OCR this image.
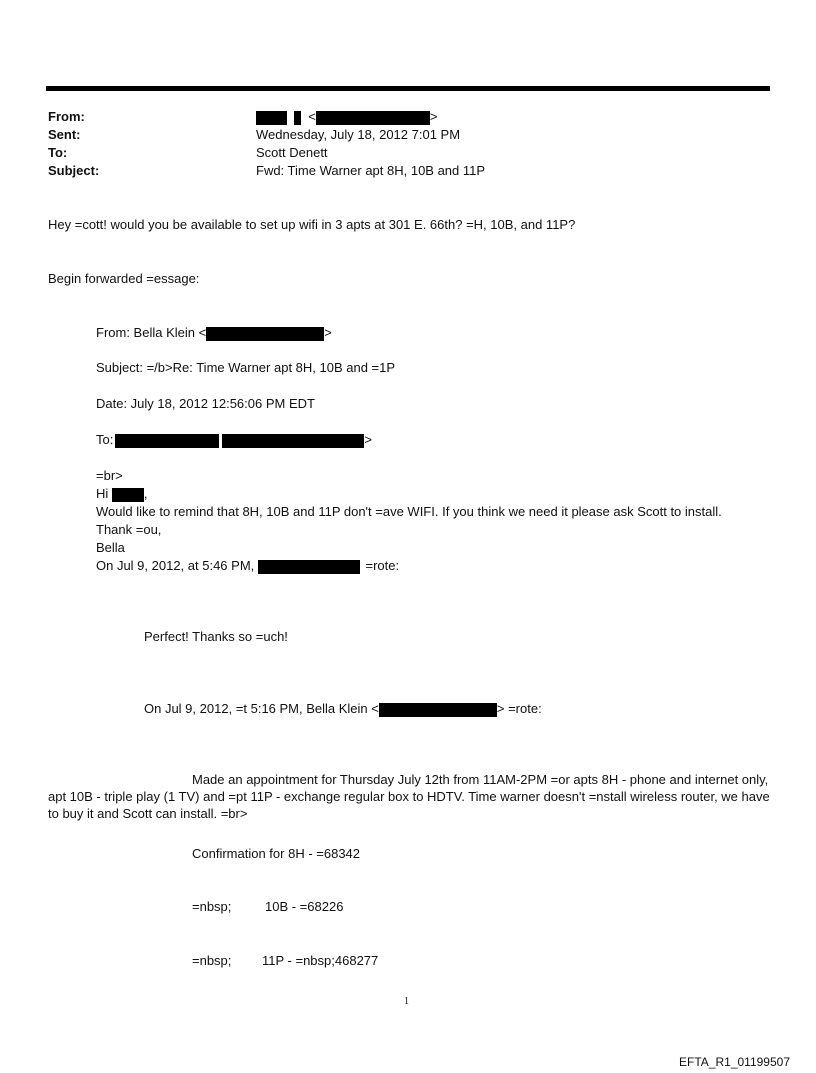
From:	<	>
Sent:	Wednesday, July 18, 2012 7:01 PM
To:	Scott Denett
Subject:	Fwd: Time Warner apt 8H, 10B and 11P
Hey =cott! would you be available to set up wifi in 3 apts at 301 E. 66th? =H, 10B, and 11P?
Begin forwarded =essage:
From: Bella Klein <	>
Subject: =/b>Re: Time Warner apt 8H, 10B and =1P
Date: July 18, 2012 12:56:06 PM EDT
To:	>
=br>
Hi	,
Would like to remind that 8H, 10B and 11P don't =ave WIFI. If you think we need it please ask Scott to install.
Thank =ou,
Bella
On Jul 9, 2012, at 5:46 PM,	=rote:
Perfect! Thanks so =uch!
On Jul 9, 2012, =t 5:16 PM, Bella Klein <	> =rote:
Made an appointment for Thursday July 12th from 11AM-2PM =or apts 8H - phone and internet only, apt 10B - triple play (1 TV) and =pt 11P - exchange regular box to HDTV. Time warner doesn't =nstall wireless router, we have to buy it and Scott can install. =br>
Confirmation for 8H - =68342
=nbsp;	10B - =68226
=nbsp; 11P - =nbsp;468277
1
EFTA_R1_01199507
